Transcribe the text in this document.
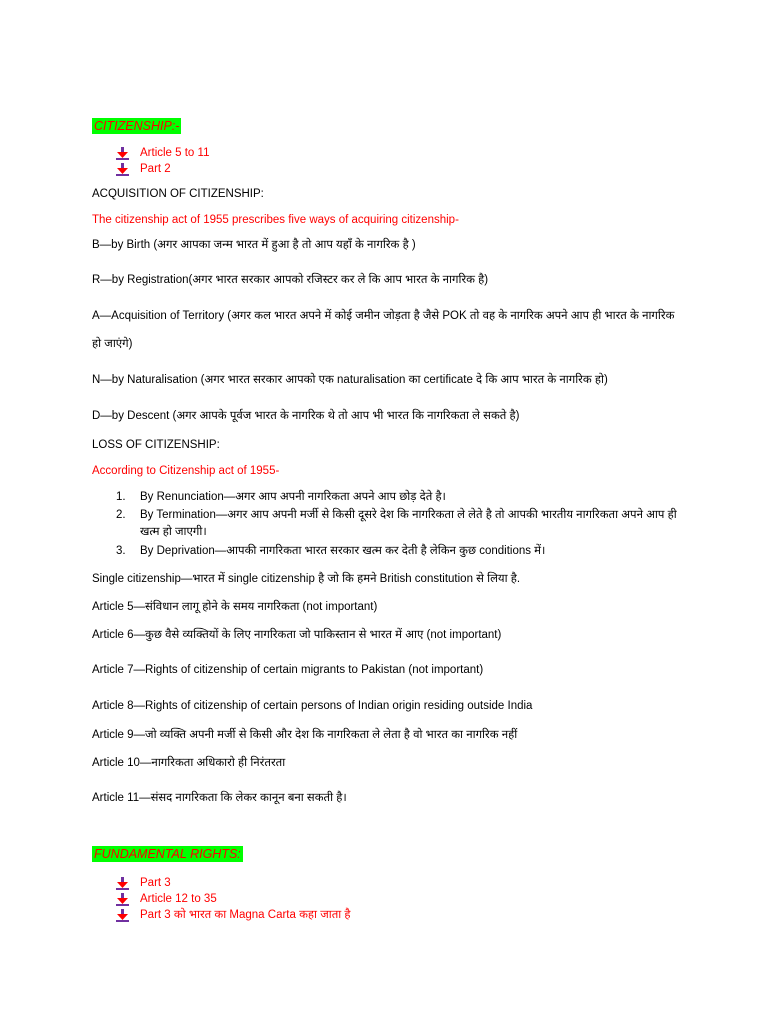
CITIZENSHIP:-
Article 5 to 11
Part 2
ACQUISITION OF CITIZENSHIP:
The citizenship act of 1955 prescribes five ways of acquiring citizenship-
B—by Birth (अगर आपका जन्म भारत में हुआ है तो आप यहाँ के नागरिक है )
R—by Registration(अगर भारत सरकार आपको रजिस्टर कर ले कि आप भारत के नागरिक है)
A—Acquisition of Territory (अगर कल भारत अपने में कोई जमीन जोड़ता है जैसे POK तो वह के नागरिक अपने आप ही भारत के नागरिक
हो जाएंगे)
N—by Naturalisation (अगर भारत सरकार आपको एक naturalisation का certificate दे कि आप भारत के नागरिक हो)
D—by Descent (अगर आपके पूर्वज भारत के नागरिक थे तो आप भी भारत कि नागरिकता ले सकते है)
LOSS OF CITIZENSHIP:
According to Citizenship act of 1955-
1. By Renunciation—अगर आप अपनी नागरिकता अपने आप छोड़ देते है।
2. By Termination—अगर आप अपनी मर्जी से किसी दूसरे देश कि नागरिकता ले लेते है तो आपकी भारतीय नागरिकता अपने आप ही
खत्म हो जाएगी।
3. By Deprivation—आपकी नागरिकता भारत सरकार खत्म कर देती है लेकिन कुछ conditions में।
Single citizenship—भारत में single citizenship है जो कि हमने British constitution से लिया है.
Article 5—संविधान लागू होने के समय नागरिकता (not important)
Article 6—कुछ वैसे व्यक्तियों के लिए नागरिकता जो पाकिस्तान से भारत में आए (not important)
Article 7—Rights of citizenship of certain migrants to Pakistan (not important)
Article 8—Rights of citizenship of certain persons of Indian origin residing outside India
Article 9—जो व्यक्ति अपनी मर्जी से किसी और देश कि नागरिकता ले लेता है वो भारत का नागरिक नहीं
Article 10—नागरिकता अधिकारो ही निरंतरता
Article 11—संसद नागरिकता कि लेकर कानून बना सकती है।
FUNDAMENTAL RIGHTS:
Part 3
Article 12 to 35
Part 3 को भारत का Magna Carta कहा जाता है
